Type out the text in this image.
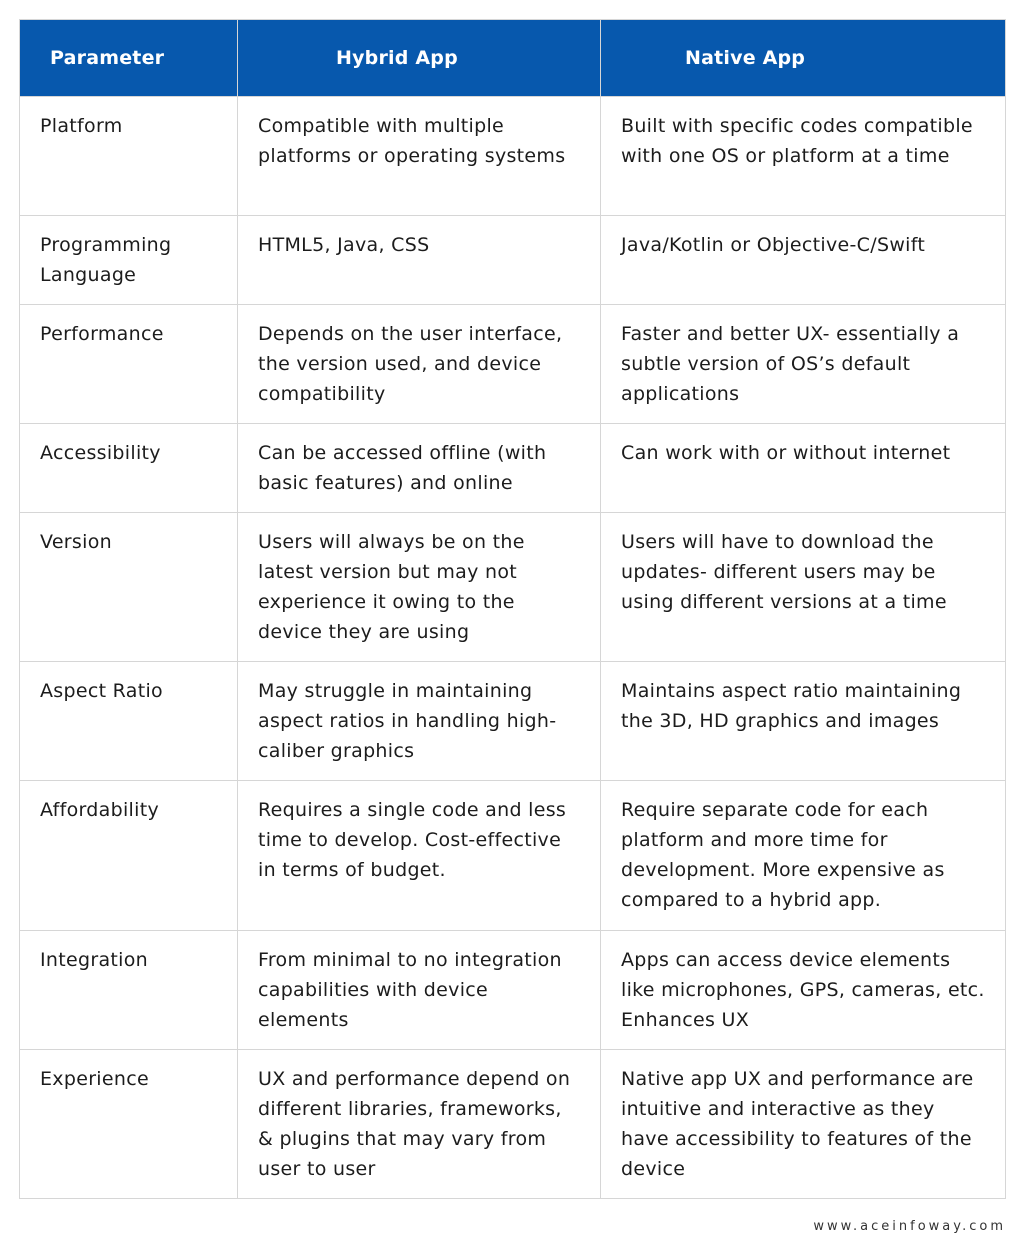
Parameter	Hybrid App	Native App
Platform	Compatible with multiple platforms or operating systems	Built with specific codes compatible with one OS or platform at a time
Programming Language	HTML5, Java, CSS	Java/Kotlin or Objective-C/Swift
Performance	Depends on the user interface, the version used, and device compatibility	Faster and better UX- essentially a subtle version of OS’s default applications
Accessibility	Can be accessed offline (with basic features) and online	Can work with or without internet
Version	Users will always be on the latest version but may not experience it owing to the device they are using	Users will have to download the updates- different users may be using different versions at a time
Aspect Ratio	May struggle in maintaining aspect ratios in handling high-caliber graphics	Maintains aspect ratio maintaining the 3D, HD graphics and images
Affordability	Requires a single code and less time to develop. Cost-effective in terms of budget.	Require separate code for each platform and more time for development. More expensive as compared to a hybrid app.
Integration	From minimal to no integration capabilities with device elements	Apps can access device elements like microphones, GPS, cameras, etc. Enhances UX
Experience	UX and performance depend on different libraries, frameworks, & plugins that may vary from user to user	Native app UX and performance are intuitive and interactive as they have accessibility to features of the device
www.aceinfoway.com
